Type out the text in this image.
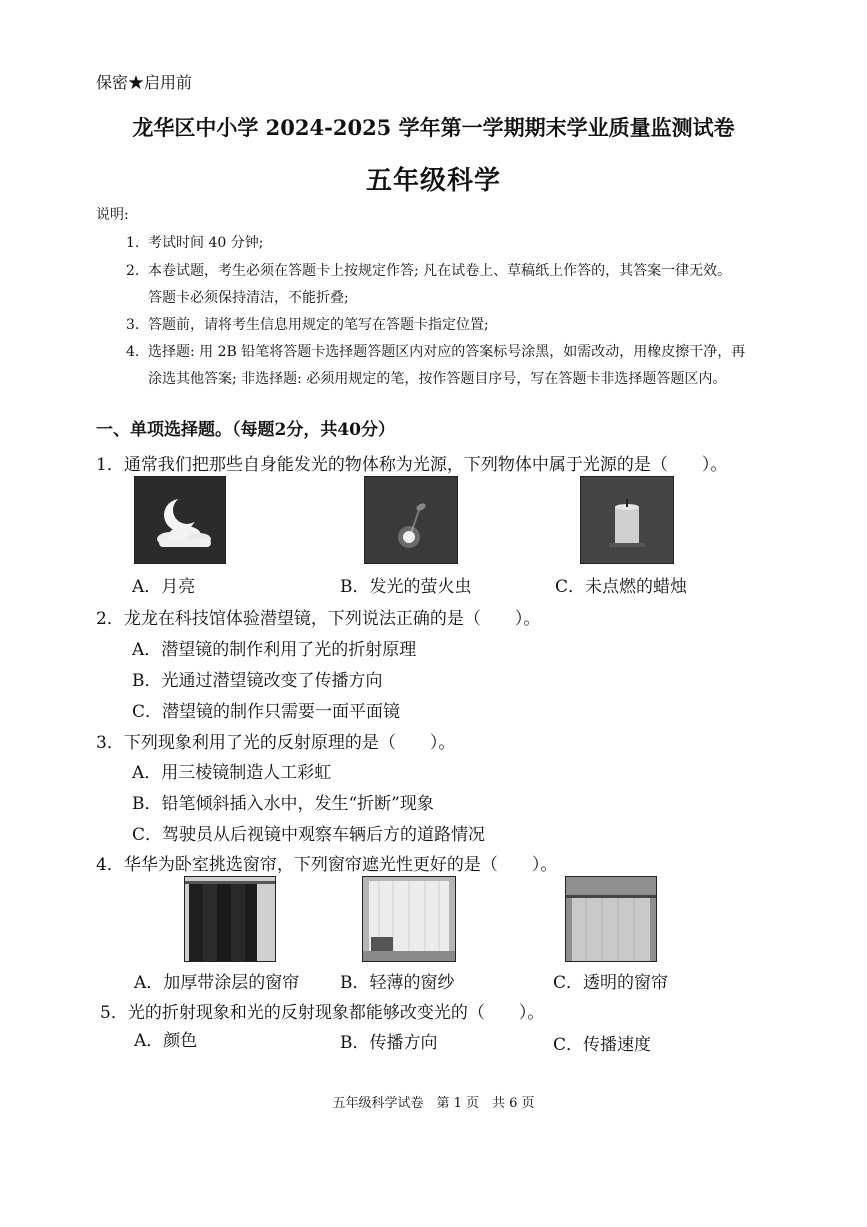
保密★启用前
龙华区中小学 2024-2025 学年第一学期期末学业质量监测试卷
五年级科学
说明:
1. 考试时间 40 分钟;
2. 本卷试题，考生必须在答题卡上按规定作答; 凡在试卷上、草稿纸上作答的，其答案一律无效。
答题卡必须保持清洁，不能折叠;
3. 答题前，请将考生信息用规定的笔写在答题卡指定位置;
4. 选择题: 用 2B 铅笔将答题卡选择题答题区内对应的答案标号涂黑，如需改动，用橡皮擦干净，再
涂选其他答案; 非选择题: 必须用规定的笔，按作答题目序号，写在答题卡非选择题答题区内。
一、单项选择题。（每题2分，共40分）
1．通常我们把那些自身能发光的物体称为光源，下列物体中属于光源的是（　　）。
A．月亮	B．发光的萤火虫	C．未点燃的蜡烛
2．龙龙在科技馆体验潜望镜，下列说法正确的是（　　）。
A．潜望镜的制作利用了光的折射原理
B．光通过潜望镜改变了传播方向
C．潜望镜的制作只需要一面平面镜
3．下列现象利用了光的反射原理的是（　　）。
A．用三棱镜制造人工彩虹
B．铅笔倾斜插入水中，发生“折断”现象
C．驾驶员从后视镜中观察车辆后方的道路情况
4．华华为卧室挑选窗帘，下列窗帘遮光性更好的是（　　）。
A．加厚带涂层的窗帘 B．轻薄的窗纱	C．透明的窗帘
5．光的折射现象和光的反射现象都能够改变光的（　　）。
A．颜色	B．传播方向	C．传播速度
五年级科学试卷　第 1 页　共 6 页
